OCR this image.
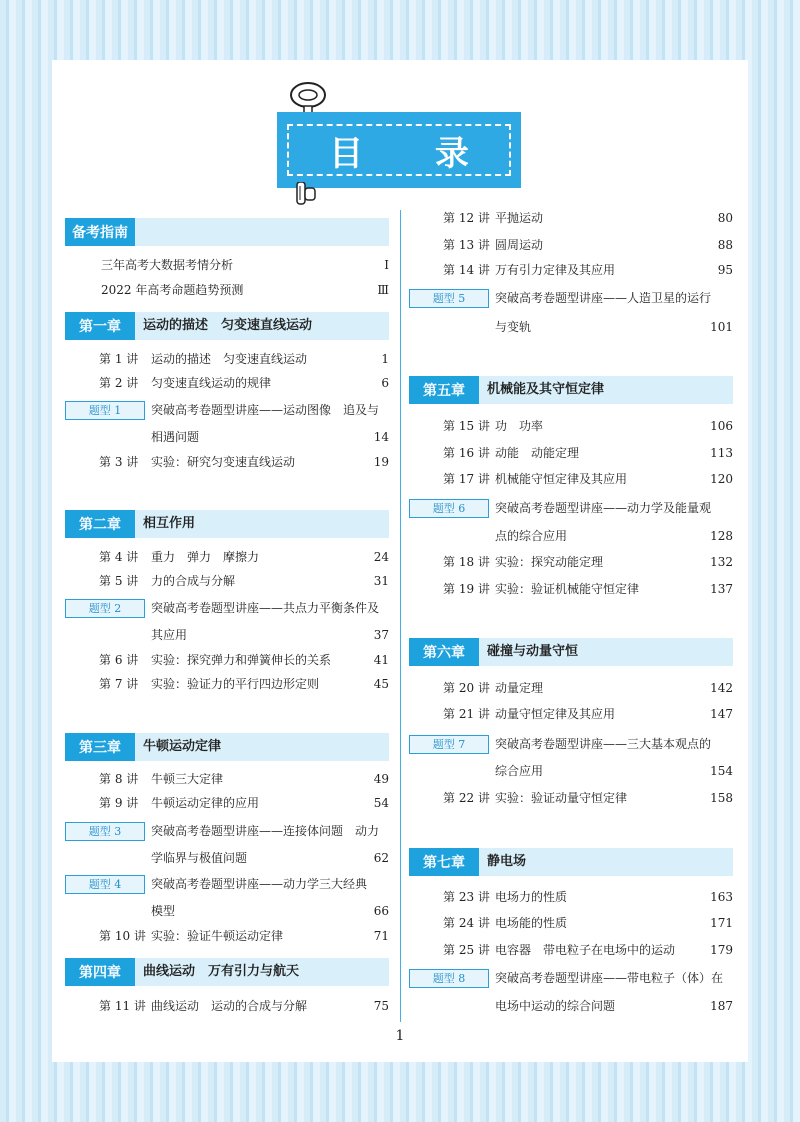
目 录
备考指南
三年高考大数据考情分析	Ⅰ
2022 年高考命题趋势预测	Ⅲ
第一章	运动的描述　匀变速直线运动
第 1 讲 运动的描述　匀变速直线运动	1
第 2 讲 匀变速直线运动的规律	6
题型 1	突破高考卷题型讲座——运动图像　追及与
相遇问题	14
第 3 讲 实验：研究匀变速直线运动	19
第二章	相互作用
第 4 讲 重力　弹力　摩擦力	24
第 5 讲 力的合成与分解	31
题型 2	突破高考卷题型讲座——共点力平衡条件及
其应用	37
第 6 讲 实验：探究弹力和弹簧伸长的关系	41
第 7 讲 实验：验证力的平行四边形定则	45
第三章	牛顿运动定律
第 8 讲 牛顿三大定律	49
第 9 讲 牛顿运动定律的应用	54
题型 3	突破高考卷题型讲座——连接体问题　动力
学临界与极值问题	62
题型 4	突破高考卷题型讲座——动力学三大经典
模型	66
第 10 讲 实验：验证牛顿运动定律	71
第四章	曲线运动　万有引力与航天
第 11 讲 曲线运动　运动的合成与分解	75
第 12 讲 平抛运动	80
第 13 讲 圆周运动	88
第 14 讲 万有引力定律及其应用	95
题型 5	突破高考卷题型讲座——人造卫星的运行
与变轨	101
第五章	机械能及其守恒定律
第 15 讲 功　功率	106
第 16 讲 动能　动能定理	113
第 17 讲 机械能守恒定律及其应用	120
题型 6	突破高考卷题型讲座——动力学及能量观
点的综合应用	128
第 18 讲 实验：探究动能定理	132
第 19 讲 实验：验证机械能守恒定律	137
第六章	碰撞与动量守恒
第 20 讲 动量定理	142
第 21 讲 动量守恒定律及其应用	147
题型 7	突破高考卷题型讲座——三大基本观点的
综合应用	154
第 22 讲 实验：验证动量守恒定律	158
第七章	静电场
第 23 讲 电场力的性质	163
第 24 讲 电场能的性质	171
第 25 讲 电容器　带电粒子在电场中的运动	179
题型 8	突破高考卷题型讲座——带电粒子（体）在
电场中运动的综合问题	187
1
